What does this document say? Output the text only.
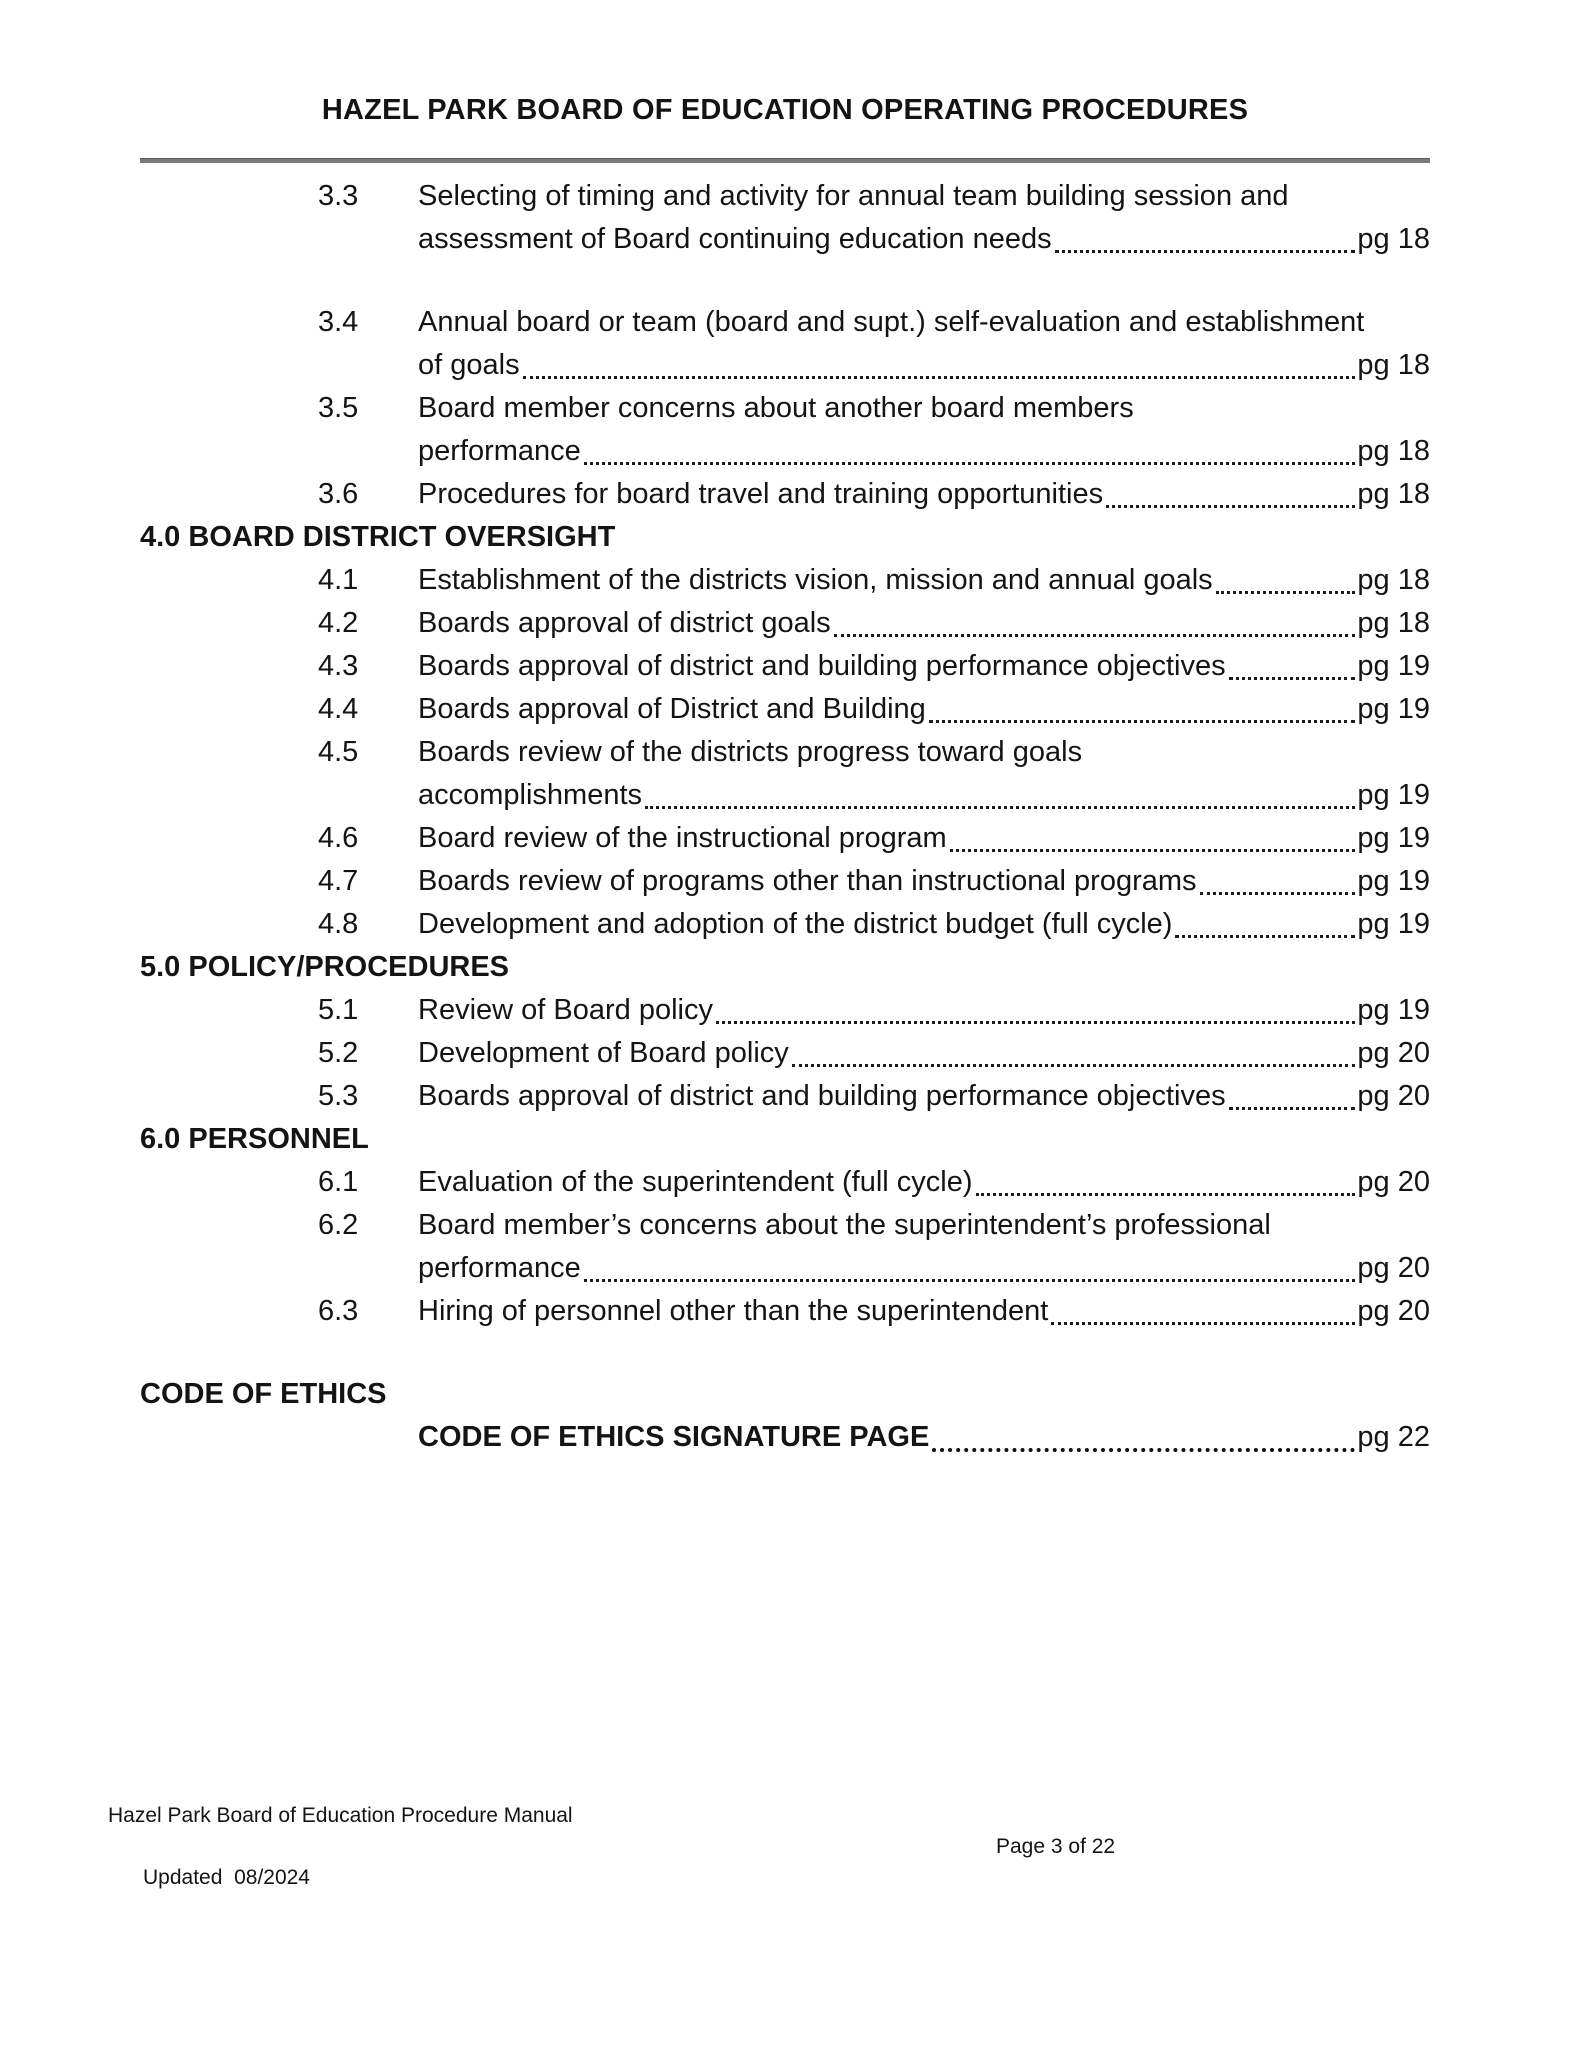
HAZEL PARK BOARD OF EDUCATION OPERATING PROCEDURES
3.3	Selecting of timing and activity for annual team building session and
assessment of Board continuing education needs	pg 18
3.4	Annual board or team (board and supt.) self-evaluation and establishment
of goals	pg 18
3.5	Board member concerns about another board members
performance	pg 18
3.6	Procedures for board travel and training opportunities	pg 18
4.0 BOARD DISTRICT OVERSIGHT
4.1	Establishment of the districts vision, mission and annual goals	pg 18
4.2	Boards approval of district goals	pg 18
4.3	Boards approval of district and building performance objectives	pg 19
4.4	Boards approval of District and Building	pg 19
4.5	Boards review of the districts progress toward goals
accomplishments	pg 19
4.6	Board review of the instructional program	pg 19
4.7	Boards review of programs other than instructional programs	pg 19
4.8	Development and adoption of the district budget (full cycle)	pg 19
5.0 POLICY/PROCEDURES
5.1	Review of Board policy	pg 19
5.2	Development of Board policy	pg 20
5.3	Boards approval of district and building performance objectives	pg 20
6.0 PERSONNEL
6.1	Evaluation of the superintendent (full cycle)	pg 20
6.2	Board member’s concerns about the superintendent’s professional
performance	pg 20
6.3	Hiring of personnel other than the superintendent	pg 20
CODE OF ETHICS
CODE OF ETHICS SIGNATURE PAGE	pg 22
Hazel Park Board of Education Procedure Manual

Updated  08/2024

Page 3 of 22
